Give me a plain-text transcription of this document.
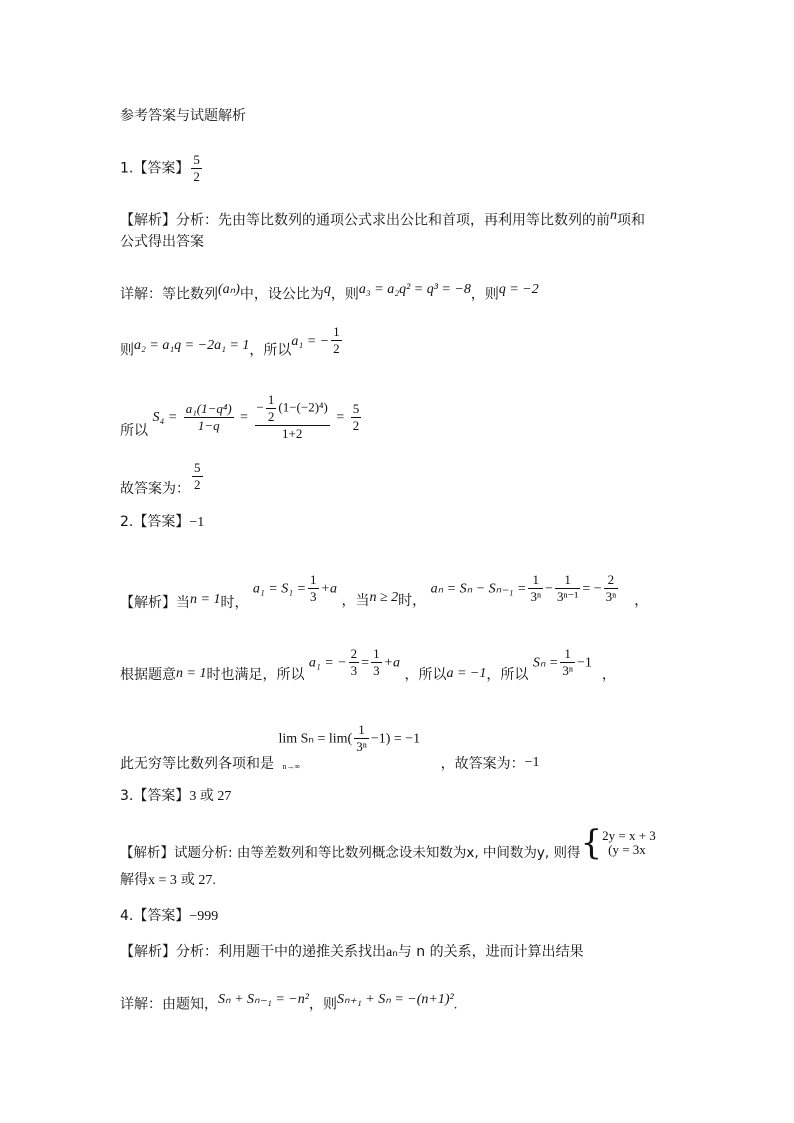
参考答案与试题解析
1.【答案】 $\frac{5}{2}$
【解析】分析：先由等比数列的通项公式求出公比和首项，再利用等比数列的前$^n$项和
公式得出答案
详解：等比数列$^{(a_n)}$中，设公比为$^q$，则$^{a_3 = a_2q^2 = q^3 = -8}$，则$^{q = -2}$
则$^{a_2 = a_1q = -2a_1 = 1}$，所以a₁ = − $\frac{1}{2}$
所以 $S_4 = \frac{\text{a₁(1−q⁴)}}{1-q} = \frac{- \frac{1}{2} (1-(-2)^4)}{1+2} = \frac{5}{2}$
故答案为： $\frac{5}{2}$
2.【答案】−1
【解析】当n = 1时， $a_1 = S_1 = \frac{1}{3} +a$ ，当n ≥ 2时， $a_n = S_n - S_{n-1} = \frac{1}{\text{3ⁿ}} - \frac{1}{\text{3ⁿ⁻¹}}$ = − $\frac{2}{\text{3ⁿ}}$ ，
根据题意n = 1时也满足，所以 a₁ = − $\frac{2}{3} = \frac{1}{3} +a$ ，所以a = −1，所以 $S_n = \frac{1}{\text{3ⁿ}} -1$，
此无穷等比数列各项和是 $\lim S_n = \lim( \frac{1}{\text{3ⁿ}} -1) = -1$
n→∞	，故答案为：−1
3.【答案】3 或 27
【解析】试题分析: 由等差数列和等比数列概念设未知数为x, 中间数为y, 则得{2y = x + 3
(y = 3x
解得x = 3 或 27.
4.【答案】−999
【解析】分析：利用题干中的递推关系找出aₙ与 n 的关系，进而计算出结果
详解：由题知，$^{S_n + S_{n-1} = -n^2}$，则$^{S_{n+1} + S_n = -(n+1)^2}$.
